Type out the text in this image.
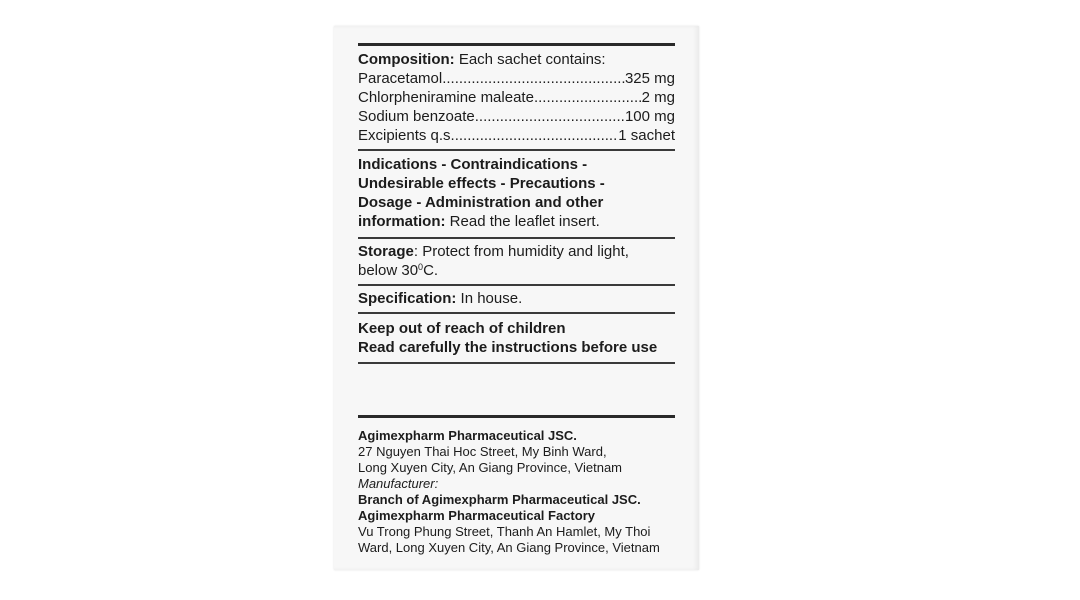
Composition: Each sachet contains:
Paracetamol .....	325 mg
Chlorpheniramine maleate .....	2 mg
Sodium benzoate .....	100 mg
Excipients q.s .....	1 sachet
Indications - Contraindications -
Undesirable effects - Precautions -
Dosage - Administration and other
information: Read the leaflet insert.
Storage: Protect from humidity and light,
below $30^0C$.
Specification: In house.
Keep out of reach of children
Read carefully the instructions before use
Agimexpharm Pharmaceutical JSC.
27 Nguyen Thai Hoc Street, My Binh Ward,
Long Xuyen City, An Giang Province, Vietnam
Manufacturer:
Branch of Agimexpharm Pharmaceutical JSC.
Agimexpharm Pharmaceutical Factory
Vu Trong Phung Street, Thanh An Hamlet, My Thoi
Ward, Long Xuyen City, An Giang Province, Vietnam
